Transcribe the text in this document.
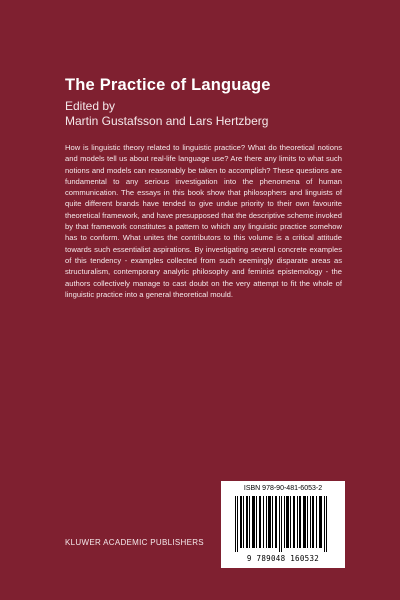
The Practice of Language
Edited by
Martin Gustafsson and Lars Hertzberg

How is linguistic theory related to linguistic practice? What do theoretical notions and models tell us about real-life language use? Are there any limits to what such notions and models can reasonably be taken to accomplish? These questions are fundamental to any serious investigation into the phenomena of human communication. The essays in this book show that philosophers and linguists of quite different brands have tended to give undue priority to their own favourite theoretical framework, and have presupposed that the descriptive scheme invoked by that framework constitutes a pattern to which any linguistic practice somehow has to conform. What unites the contributors to this volume is a critical attitude towards such essentialist aspirations. By investigating several concrete examples of this tendency - examples collected from such seemingly disparate areas as structuralism, contemporary analytic philosophy and feminist epistemology - the authors collectively manage to cast doubt on the very attempt to fit the whole of linguistic practice into a general theoretical mould.

ISBN 978-90-481-6053-2
9 789048 160532
KLUWER ACADEMIC PUBLISHERS
